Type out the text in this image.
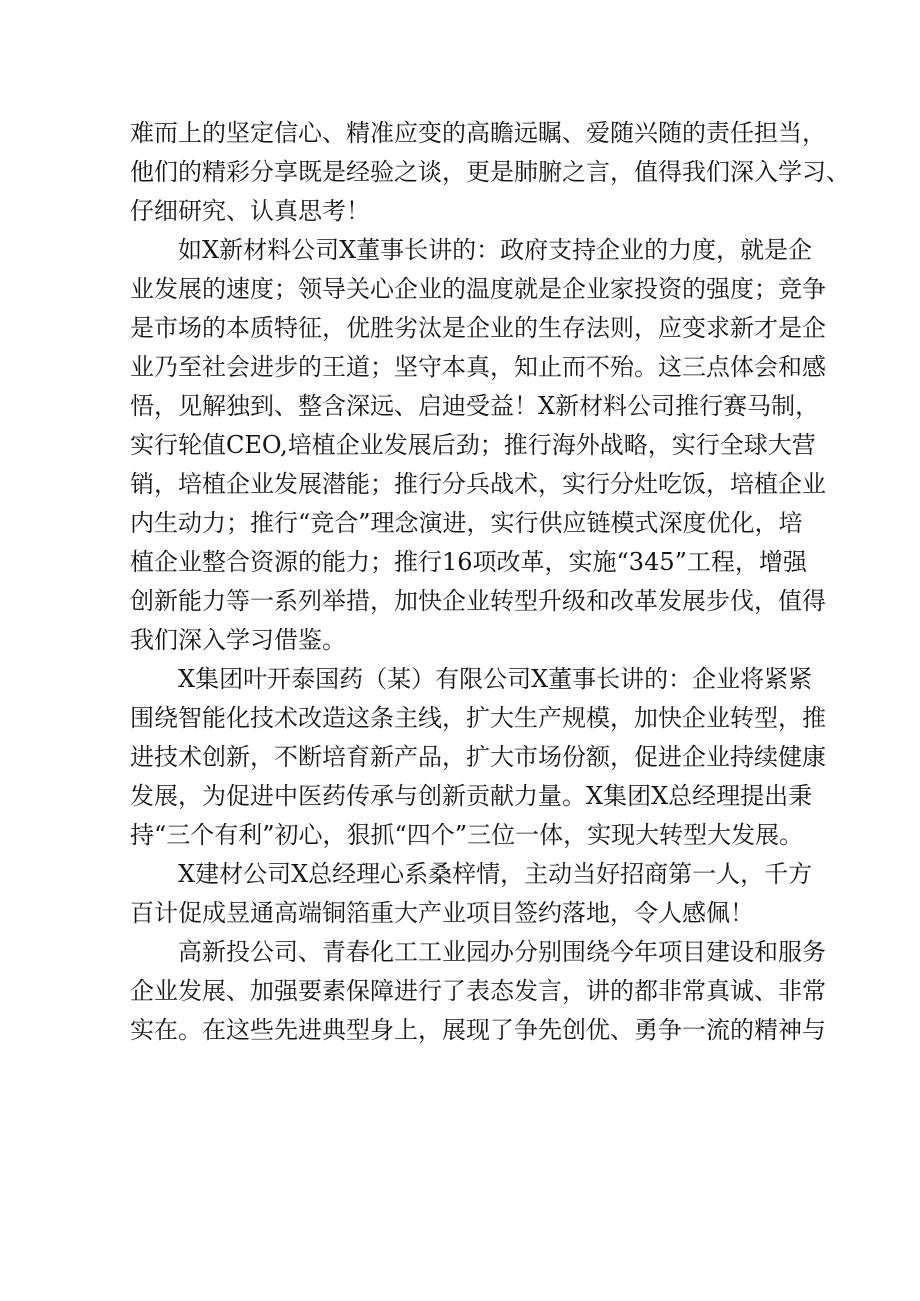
难而上的坚定信心、精准应变的高瞻远瞩、爱随兴随的责任担当，
他们的精彩分享既是经验之谈，更是肺腑之言，值得我们深入学习、
仔细研究、认真思考！

如X新材料公司X董事长讲的：政府支持企业的力度，就是企
业发展的速度；领导关心企业的温度就是企业家投资的强度；竞争
是市场的本质特征，优胜劣汰是企业的生存法则，应变求新才是企
业乃至社会进步的王道；坚守本真，知止而不殆。这三点体会和感
悟，见解独到、整含深远、启迪受益！X新材料公司推行赛马制，
实行轮值CEO,培植企业发展后劲；推行海外战略，实行全球大营
销，培植企业发展潜能；推行分兵战术，实行分灶吃饭，培植企业
内生动力；推行“竞合”理念演进，实行供应链模式深度优化，培
植企业整合资源的能力；推行16项改革，实施“345”工程，增强
创新能力等一系列举措，加快企业转型升级和改革发展步伐，值得
我们深入学习借鉴。

X集团叶开泰国药（某）有限公司X董事长讲的：企业将紧紧
围绕智能化技术改造这条主线，扩大生产规模，加快企业转型，推
进技术创新，不断培育新产品，扩大市场份额，促进企业持续健康
发展，为促进中医药传承与创新贡献力量。X集团X总经理提出秉
持“三个有利”初心，狠抓“四个”三位一体，实现大转型大发展。

X建材公司X总经理心系桑梓情，主动当好招商第一人，千方
百计促成昱通高端铜箔重大产业项目签约落地，令人感佩！

高新投公司、青春化工工业园办分别围绕今年项目建设和服务
企业发展、加强要素保障进行了表态发言，讲的都非常真诚、非常
实在。在这些先进典型身上，展现了争先创优、勇争一流的精神与
